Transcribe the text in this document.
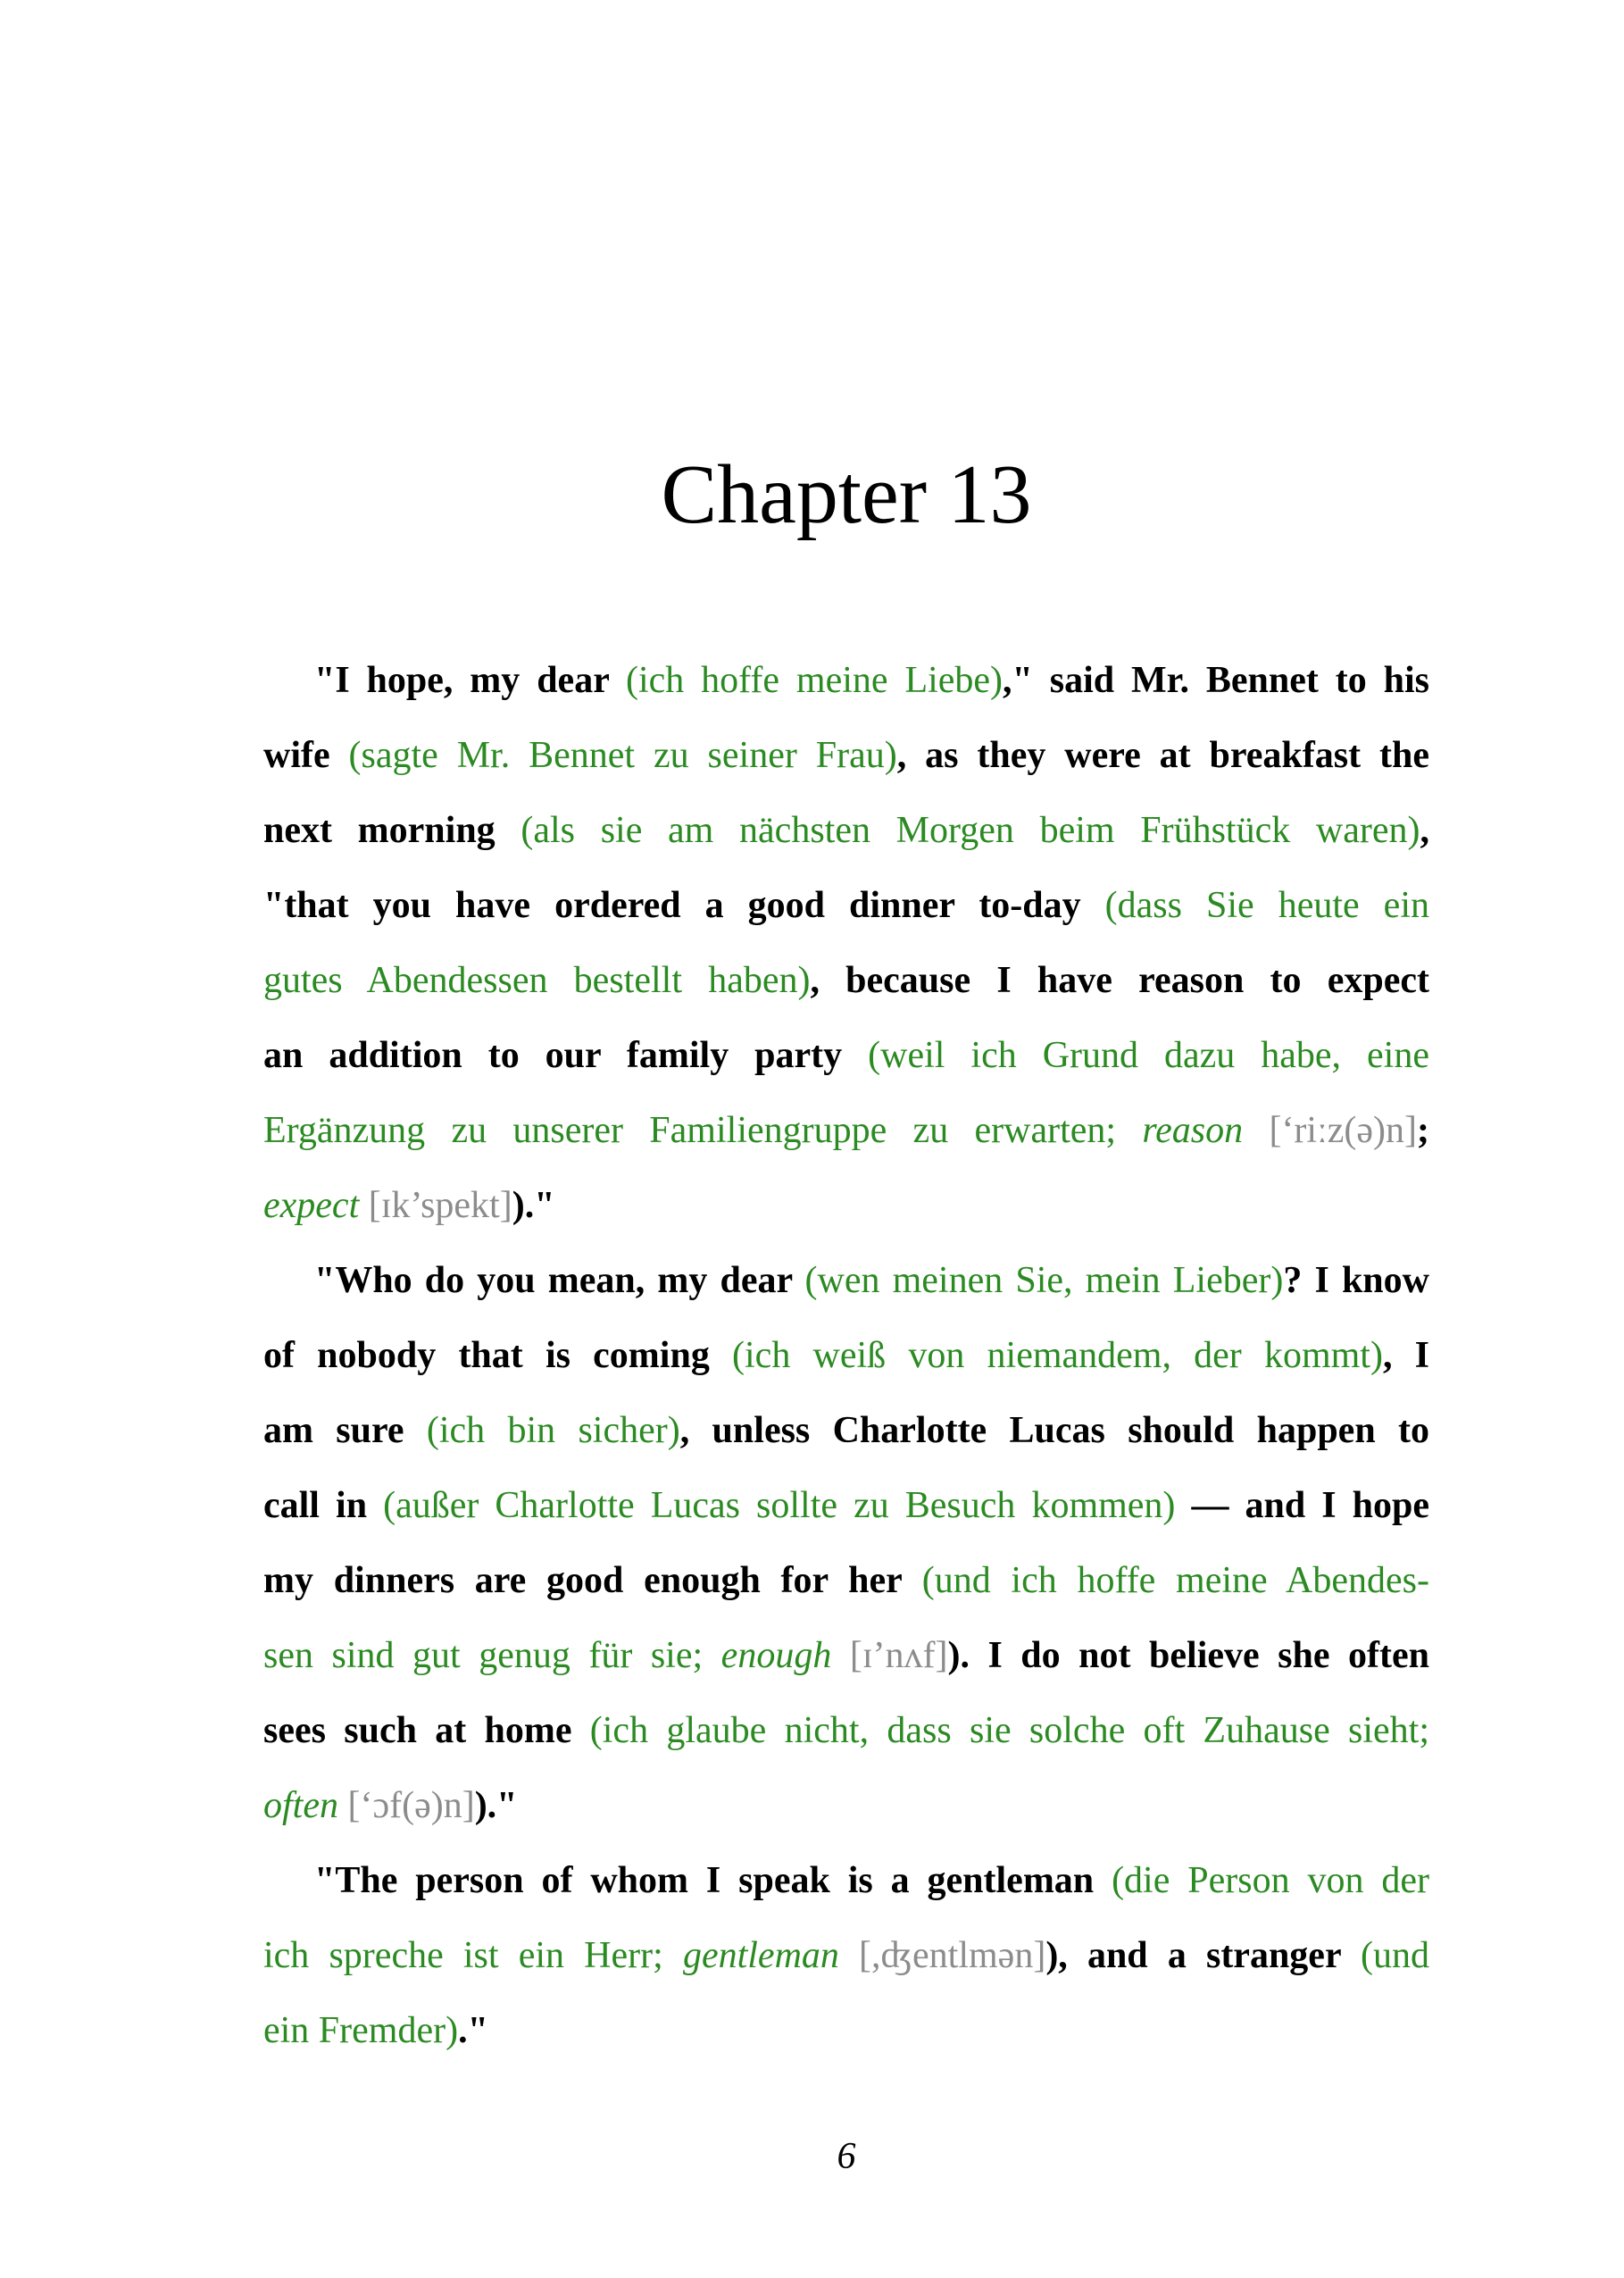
Chapter 13
"I hope, my dear (ich hoffe meine Liebe)," said Mr. Bennet to his
wife (sagte Mr. Bennet zu seiner Frau), as they were at breakfast the
next morning (als sie am nächsten Morgen beim Frühstück waren),
"that you have ordered a good dinner to-day (dass Sie heute ein
gutes Abendessen bestellt haben), because I have reason to expect
an addition to our family party (weil ich Grund dazu habe, eine
Ergänzung zu unserer Familiengruppe zu erwarten; reason [‘riːz(ə)n];
expect [ɪk’spekt])."
"Who do you mean, my dear (wen meinen Sie, mein Lieber)? I know
of nobody that is coming (ich weiß von niemandem, der kommt), I
am sure (ich bin sicher), unless Charlotte Lucas should happen to
call in (außer Charlotte Lucas sollte zu Besuch kommen) — and I hope
my dinners are good enough for her (und ich hoffe meine Abendes-
sen sind gut genug für sie; enough [ɪ’nʌf]). I do not believe she often
sees such at home (ich glaube nicht, dass sie solche oft Zuhause sieht;
often [‘ɔf(ə)n])."
"The person of whom I speak is a gentleman (die Person von der
ich spreche ist ein Herr; gentleman [,ʤentlmən]), and a stranger (und
ein Fremder)."
6
